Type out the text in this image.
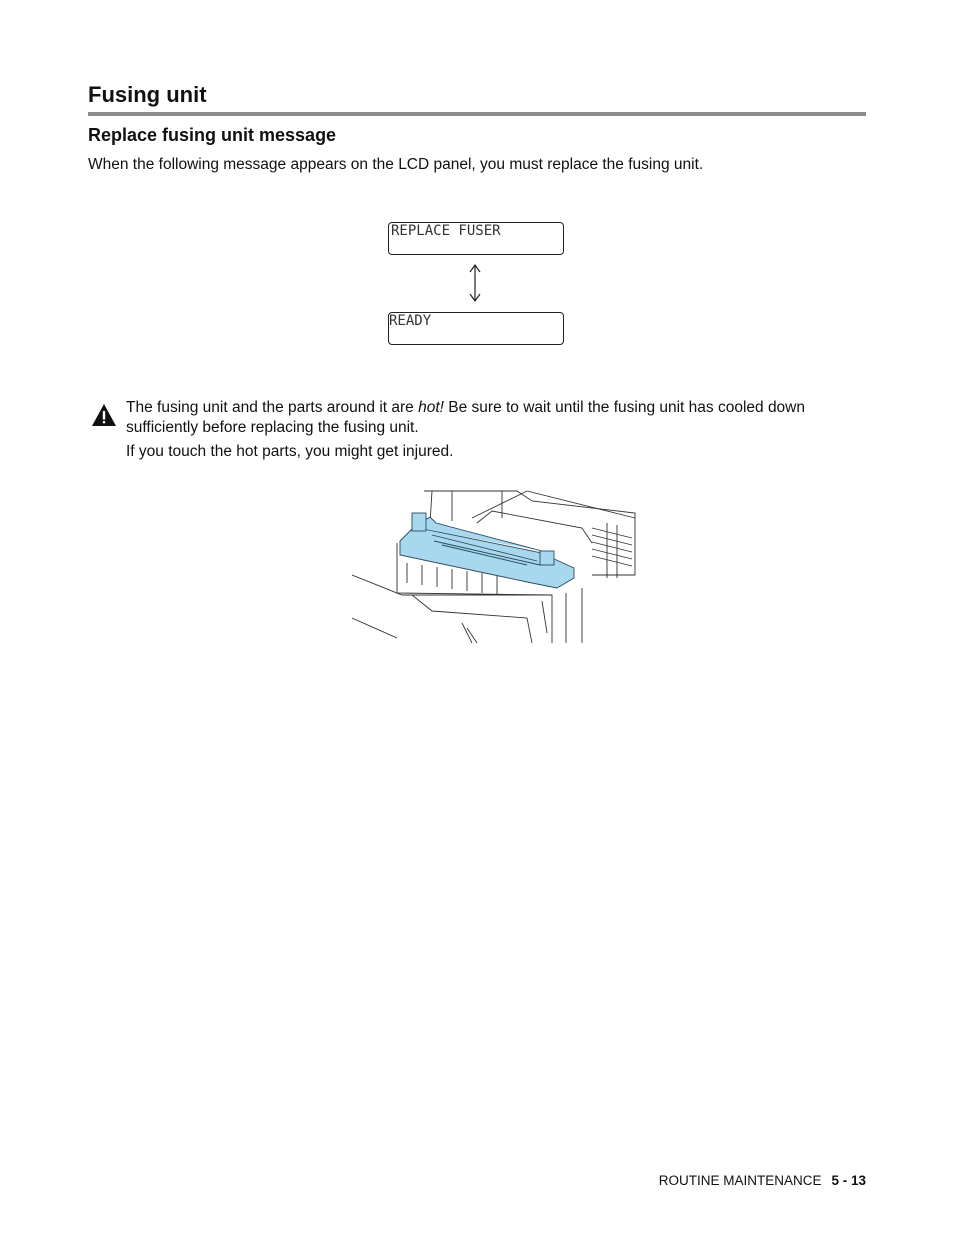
Fusing unit
Replace fusing unit message

When the following message appears on the LCD panel, you must replace the fusing unit.

REPLACE FUSER
READY

The fusing unit and the parts around it are hot! Be sure to wait until the fusing unit has cooled down sufficiently before replacing the fusing unit.

If you touch the hot parts, you might get injured.

ROUTINE MAINTENANCE 5 - 13
